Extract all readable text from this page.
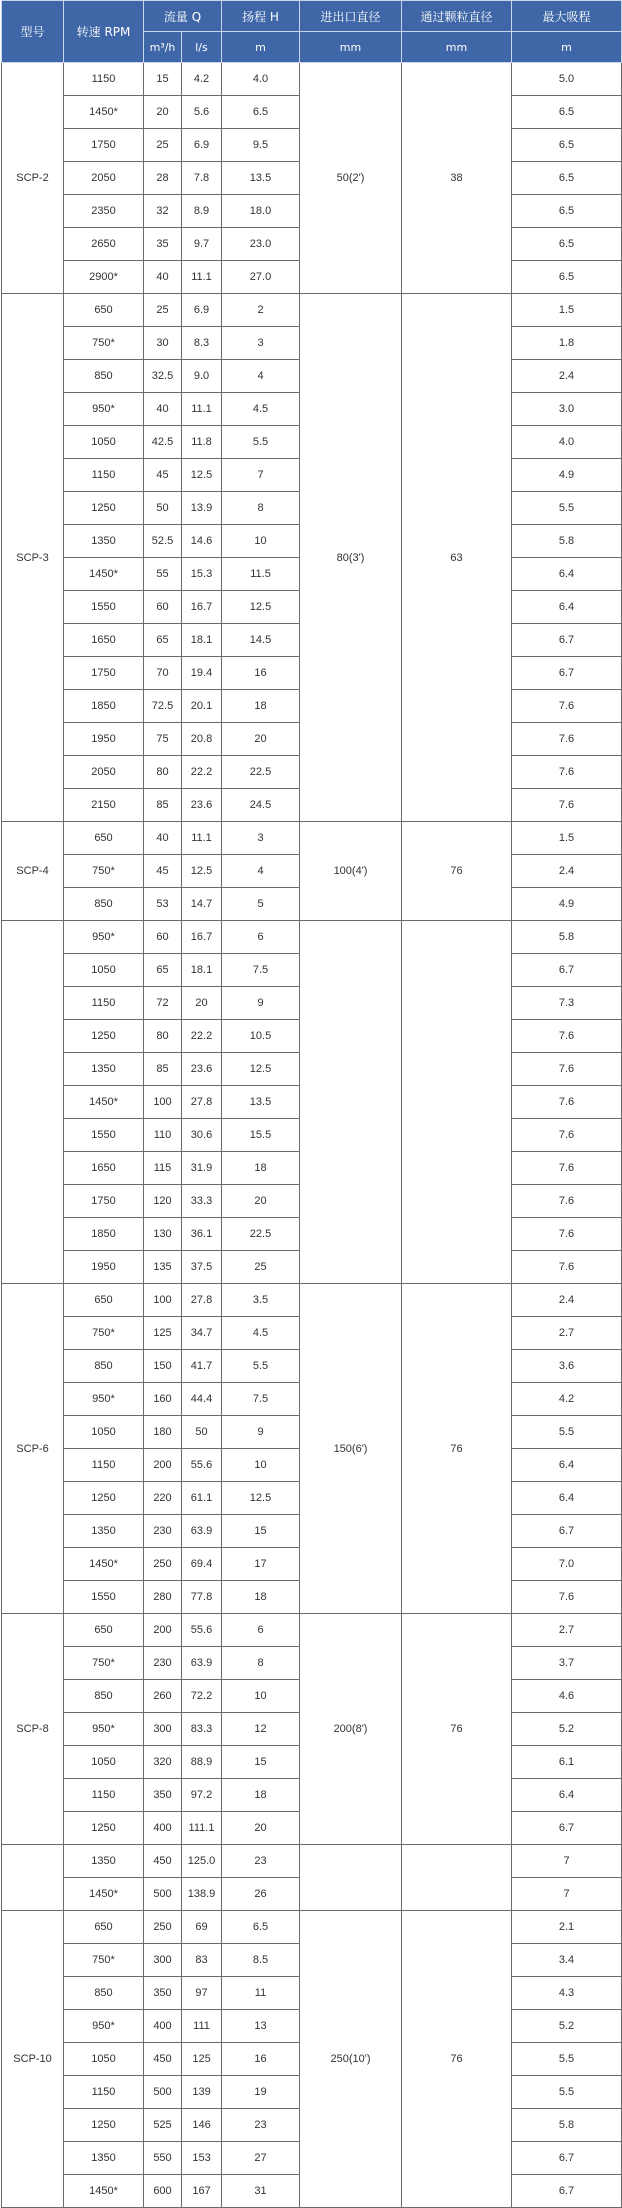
型号	转速 RPM	流量 Q		扬程 H	进出口直径	通过颗粒直径	最大吸程
		m³/h	l/s	m	mm	mm	m
SCP-2	1150	15	4.2	4.0	50(2')	38	5.0
	1450*	20	5.6	6.5			6.5
	1750	25	6.9	9.5			6.5
	2050	28	7.8	13.5			6.5
	2350	32	8.9	18.0			6.5
	2650	35	9.7	23.0			6.5
	2900*	40	11.1	27.0			6.5
SCP-3	650	25	6.9	2	80(3')	63	1.5
	750*	30	8.3	3			1.8
	850	32.5	9.0	4			2.4
	950*	40	11.1	4.5			3.0
	1050	42.5	11.8	5.5			4.0
	1150	45	12.5	7			4.9
	1250	50	13.9	8			5.5
	1350	52.5	14.6	10			5.8
	1450*	55	15.3	11.5			6.4
	1550	60	16.7	12.5			6.4
	1650	65	18.1	14.5			6.7
	1750	70	19.4	16			6.7
	1850	72.5	20.1	18			7.6
	1950	75	20.8	20			7.6
	2050	80	22.2	22.5			7.6
	2150	85	23.6	24.5			7.6
SCP-4	650	40	11.1	3	100(4')	76	1.5
	750*	45	12.5	4			2.4
	850	53	14.7	5			4.9
	950*	60	16.7	6			5.8
	1050	65	18.1	7.5			6.7
	1150	72	20	9			7.3
	1250	80	22.2	10.5			7.6
	1350	85	23.6	12.5			7.6
	1450*	100	27.8	13.5			7.6
	1550	110	30.6	15.5			7.6
	1650	115	31.9	18			7.6
	1750	120	33.3	20			7.6
	1850	130	36.1	22.5			7.6
	1950	135	37.5	25			7.6
SCP-6	650	100	27.8	3.5	150(6')	76	2.4
	750*	125	34.7	4.5			2.7
	850	150	41.7	5.5			3.6
	950*	160	44.4	7.5			4.2
	1050	180	50	9			5.5
	1150	200	55.6	10			6.4
	1250	220	61.1	12.5			6.4
	1350	230	63.9	15			6.7
	1450*	250	69.4	17			7.0
	1550	280	77.8	18			7.6
SCP-8	650	200	55.6	6	200(8')	76	2.7
	750*	230	63.9	8			3.7
	850	260	72.2	10			4.6
	950*	300	83.3	12			5.2
	1050	320	88.9	15			6.1
	1150	350	97.2	18			6.4
	1250	400	111.1	20			6.7
	1350	450	125.0	23			7
	1450*	500	138.9	26			7
SCP-10	650	250	69	6.5	250(10')	76	2.1
	750*	300	83	8.5			3.4
	850	350	97	11			4.3
	950*	400	111	13			5.2
	1050	450	125	16			5.5
	1150	500	139	19			5.5
	1250	525	146	23			5.8
	1350	550	153	27			6.7
	1450*	600	167	31			6.7
